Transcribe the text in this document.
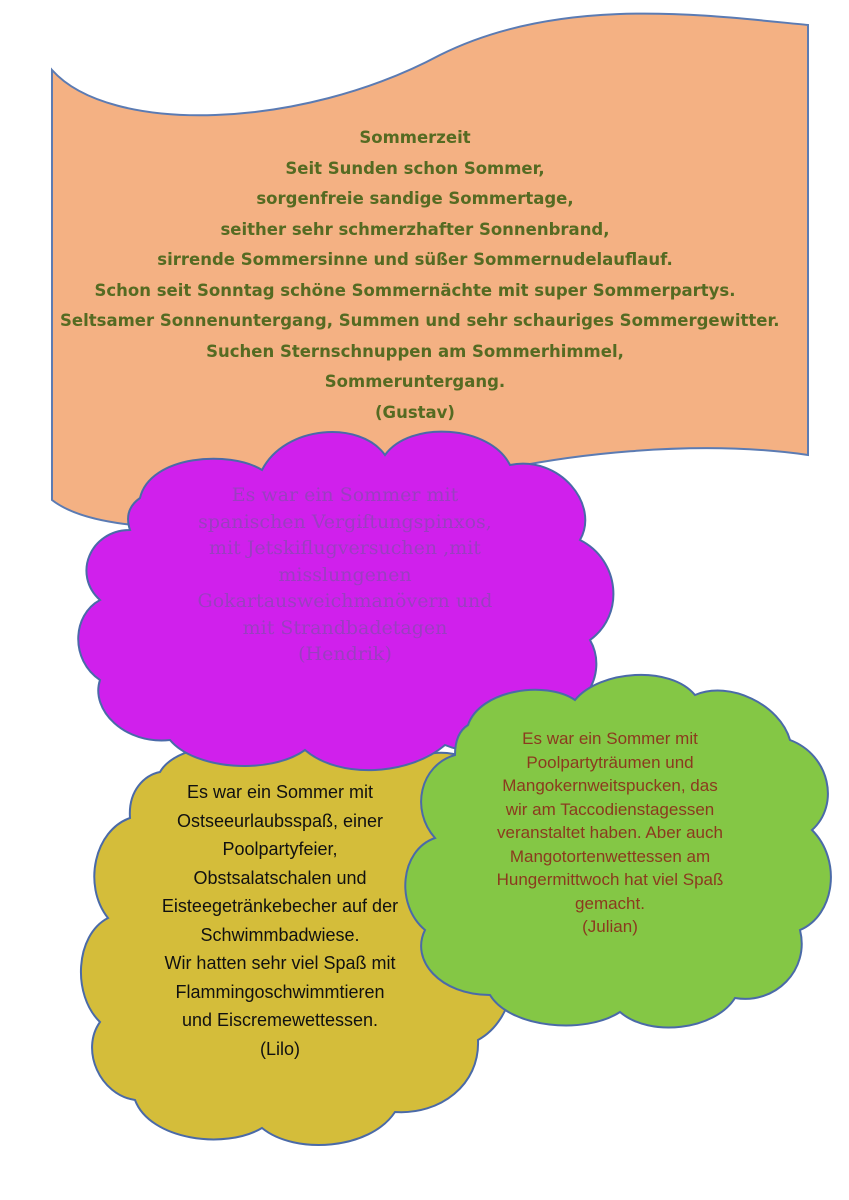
Sommerzeit
Seit Sunden schon Sommer,
sorgenfreie sandige Sommertage,
seither sehr schmerzhafter Sonnenbrand,
sirrende Sommersinne und süßer Sommernudelauflauf.
Schon seit Sonntag schöne Sommernächte mit super Sommerpartys.
Seltsamer Sonnenuntergang, Summen und sehr schauriges Sommergewitter.
Suchen Sternschnuppen am Sommerhimmel,
Sommeruntergang.
(Gustav)
Es war ein Sommer mit
spanischen Vergiftungspinxos,
mit Jetskiflugversuchen ,mit
misslungenen
Gokartausweichmanövern und
mit Strandbadetagen
(Hendrik)
Es war ein Sommer mit
Ostseeurlaubsspaß, einer
Poolpartyfeier,
Obstsalatschalen und
Eisteegetränkebecher auf der
Schwimmbadwiese.
Wir hatten sehr viel Spaß mit
Flammingoschwimmtieren
und Eiscremewettessen.
(Lilo)
Es war ein Sommer mit
Poolpartyträumen und
Mangokernweitspucken, das
wir am Taccodienstagessen
veranstaltet haben. Aber auch
Mangotortenwettessen am
Hungermittwoch hat viel Spaß
gemacht.
(Julian)
